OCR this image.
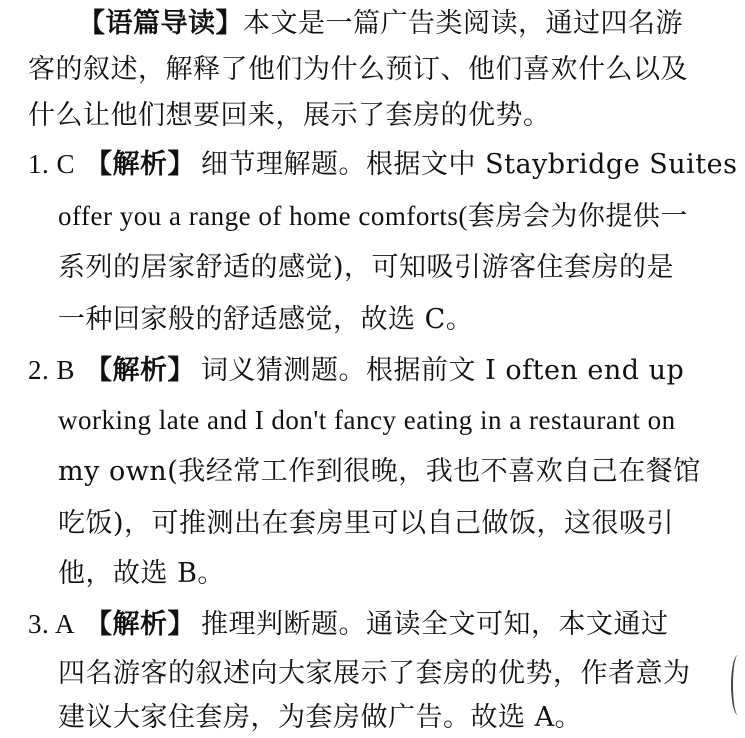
【语篇导读】本文是一篇广告类阅读，通过四名游
客的叙述，解释了他们为什么预订、他们喜欢什么以及
什么让他们想要回来，展示了套房的优势。
1. C 【解析】 细节理解题。根据文中 Staybridge Suites
offer you a range of home comforts(套房会为你提供一
系列的居家舒适的感觉)，可知吸引游客住套房的是
一种回家般的舒适感觉，故选 C。
2. B 【解析】 词义猜测题。根据前文 I often end up
working late and I don't fancy eating in a restaurant on
my own(我经常工作到很晚，我也不喜欢自己在餐馆
吃饭)，可推测出在套房里可以自己做饭，这很吸引
他，故选 B。
3. A 【解析】 推理判断题。通读全文可知，本文通过
四名游客的叙述向大家展示了套房的优势，作者意为
建议大家住套房，为套房做广告。故选 A。
